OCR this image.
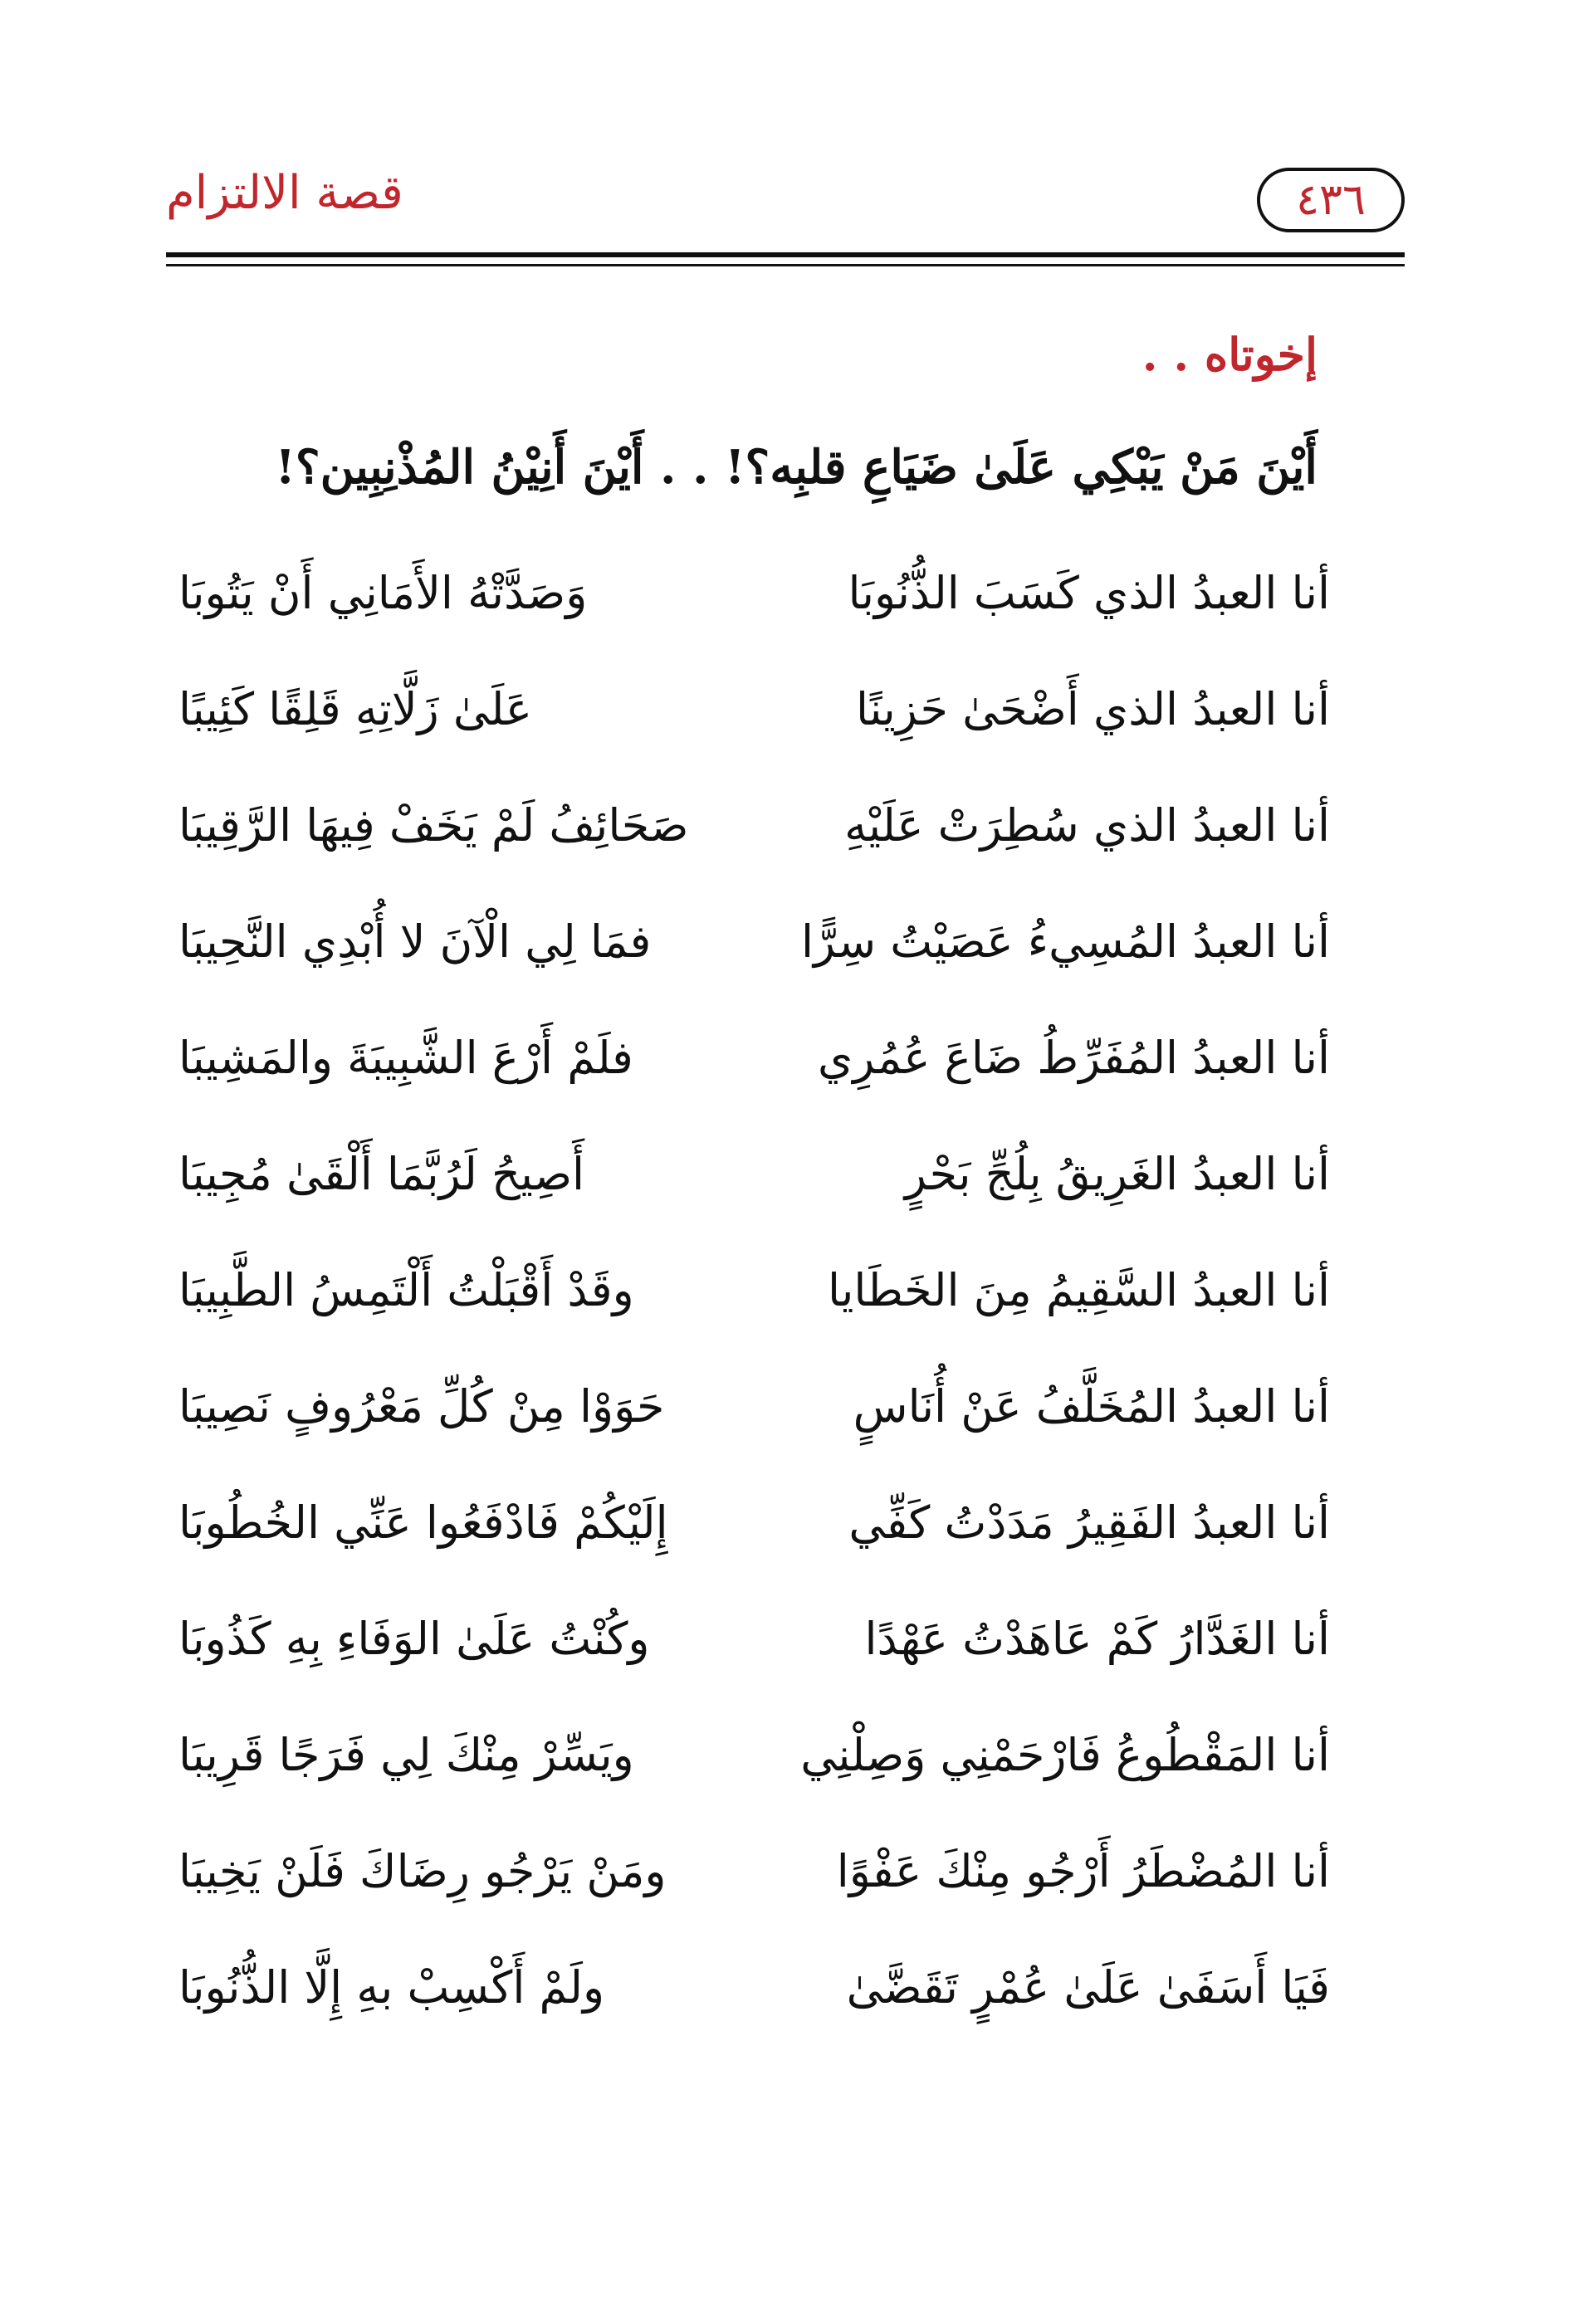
قصة الالتزام	٤٣٦
إخوتاه . .
أَيْنَ مَنْ يَبْكِي عَلَىٰ ضَيَاعِ قلبِه؟! . . أَيْنَ أَنِيْنُ المُذْنِبِين؟!
أنا العبدُ الذي كَسَبَ الذُّنُوبَا
وَصَدَّتْهُ الأَمَانِي أَنْ يَتُوبَا
أنا العبدُ الذي أَضْحَىٰ حَزِينًا
عَلَىٰ زَلَّاتِهِ قَلِقًا كَئِيبًا
أنا العبدُ الذي سُطِرَتْ عَلَيْهِ
صَحَائِفُ لَمْ يَخَفْ فِيهَا الرَّقِيبَا
أنا العبدُ المُسِيءُ عَصَيْتُ سِرًّا
فمَا لِي الْآنَ لا أُبْدِي النَّحِيبَا
أنا العبدُ المُفَرِّطُ ضَاعَ عُمُرِي
فلَمْ أَرْعَ الشَّبِيبَةَ والمَشِيبَا
أنا العبدُ الغَرِيقُ بِلُجِّ بَحْرٍ
أَصِيحُ لَرُبَّمَا أَلْقَىٰ مُجِيبَا
أنا العبدُ السَّقِيمُ مِنَ الخَطَايا
وقَدْ أَقْبَلْتُ أَلْتَمِسُ الطَّبِيبَا
أنا العبدُ المُخَلَّفُ عَنْ أُنَاسٍ
حَوَوْا مِنْ كُلِّ مَعْرُوفٍ نَصِيبَا
أنا العبدُ الفَقِيرُ مَدَدْتُ كَفِّي
إِلَيْكُمْ فَادْفَعُوا عَنِّي الخُطُوبَا
أنا الغَدَّارُ كَمْ عَاهَدْتُ عَهْدًا
وكُنْتُ عَلَىٰ الوَفَاءِ بِهِ كَذُوبَا
أنا المَقْطُوعُ فَارْحَمْنِي وَصِلْنِي
ويَسِّرْ مِنْكَ لِي فَرَجًا قَرِيبَا
أنا المُضْطَرُ أَرْجُو مِنْكَ عَفْوًا
ومَنْ يَرْجُو رِضَاكَ فَلَنْ يَخِيبَا
فَيَا أَسَفَىٰ عَلَىٰ عُمْرٍ تَقَضَّىٰ
ولَمْ أَكْسِبْ بهِ إِلَّا الذُّنُوبَا
